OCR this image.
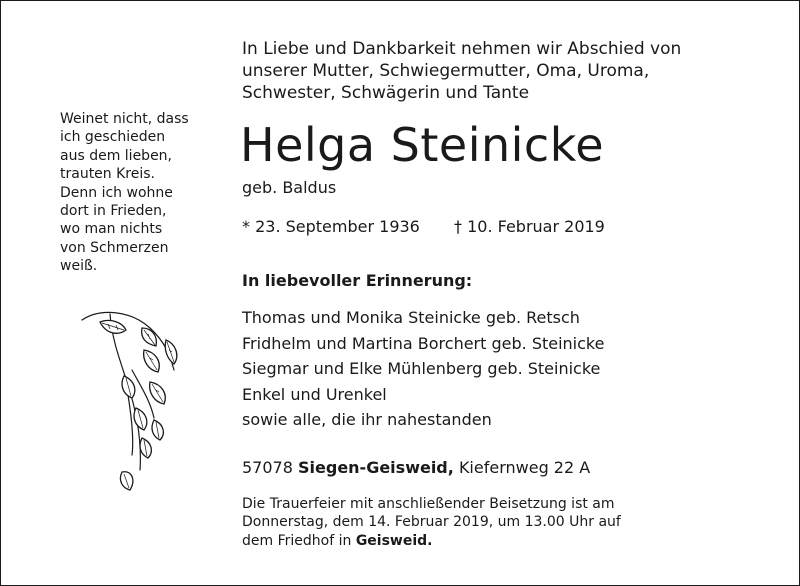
In Liebe und Dankbarkeit nehmen wir Abschied von
unserer Mutter, Schwiegermutter, Oma, Uroma,
Schwester, Schwägerin und Tante
Weinet nicht, dass
ich geschieden
aus dem lieben,
trauten Kreis.
Denn ich wohne
dort in Frieden,
wo man nichts
von Schmerzen
weiß.
Helga Steinicke
geb. Baldus
* 23. September 1936 † 10. Februar 2019
In liebevoller Erinnerung:
Thomas und Monika Steinicke geb. Retsch
Fridhelm und Martina Borchert geb. Steinicke
Siegmar und Elke Mühlenberg geb. Steinicke
Enkel und Urenkel
sowie alle, die ihr nahestanden
57078 Siegen-Geisweid, Kiefernweg 22 A
Die Trauerfeier mit anschließender Beisetzung ist am
Donnerstag, dem 14. Februar 2019, um 13.00 Uhr auf
dem Friedhof in Geisweid.
